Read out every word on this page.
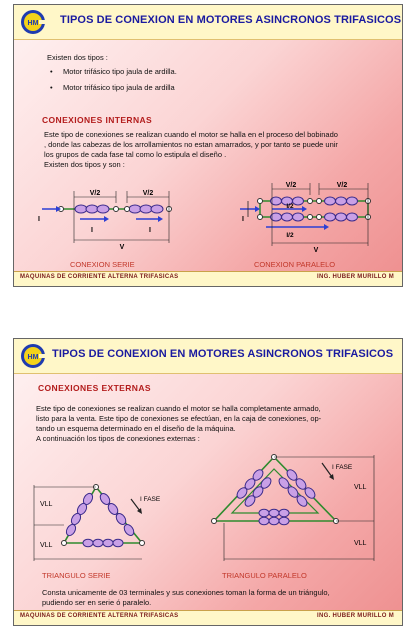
HM TIPOS DE CONEXION EN MOTORES ASINCRONOS TRIFASICOS
Existen dos tipos :
• Motor trifásico tipo jaula de ardilla.
• Motor trifásico tipo jaula de ardilla
CONEXIONES INTERNAS
Este tipo de conexiones se realizan cuando el motor se halla en el proceso del bobinado
, donde las cabezas de los arrollamientos no estan amarrados, y por tanto se puede unir
los grupos de cada fase tal como lo estipula el diseño .
Existen dos tipos y son :
V/2	V/2
I
I	I
V
CONEXION SERIE
V/2	V/2
I/2
I/2
I
V
CONEXION PARALELO
MAQUINAS DE CORRIENTE ALTERNA TRIFASICAS	ING. HUBER MURILLO M
HM TIPOS DE CONEXION EN MOTORES ASINCRONOS TRIFASICOS
CONEXIONES EXTERNAS
Este tipo de conexiones se realizan cuando el motor se halla completamente armado,
listo para la venta. Este tipo de conexiones se efectúan, en la caja de conexiones, op-
tando un esquema determinado en el diseño de la máquina.
A continuación los tipos de conexiones externas :
VLL
VLL
I FASE
TRIANGULO SERIE
VLL
VLL
I FASE
TRIANGULO PARALELO
Consta unicamente de 03 terminales y sus conexiones toman la forma de un triángulo,
pudiendo ser en serie ó paralelo.
MAQUINAS DE CORRIENTE ALTERNA TRIFASICAS	ING. HUBER MURILLO M
